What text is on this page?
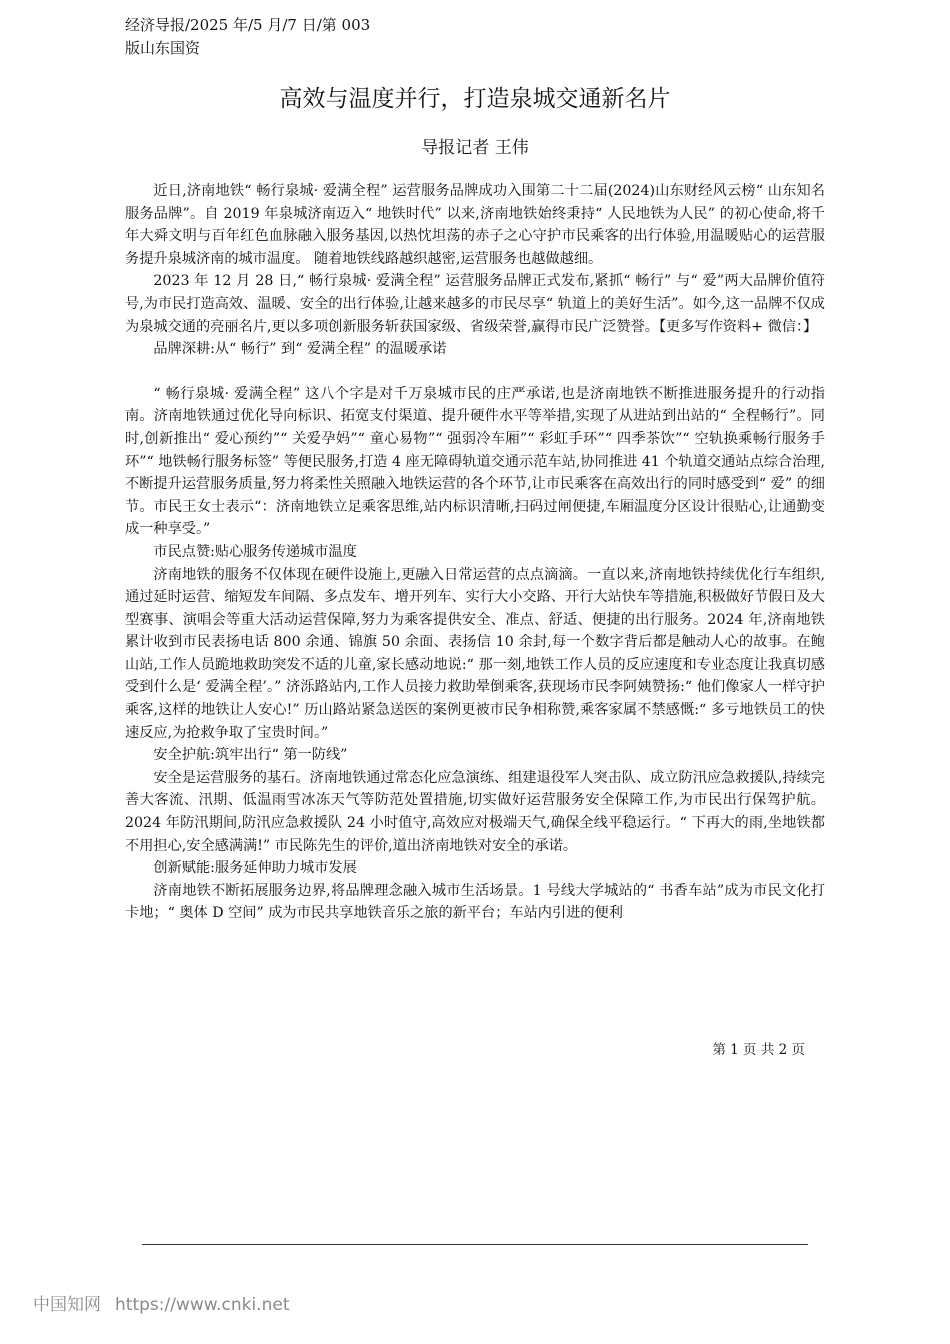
经济导报/2025 年/5 月/7 日/第 003
版山东国资
高效与温度并行，打造泉城交通新名片
导报记者 王伟

近日,济南地铁“ 畅行泉城· 爱满全程” 运营服务品牌成功入围第二十二届(2024)山东财经风云榜“ 山东知名服务品牌”。自 2019 年泉城济南迈入“ 地铁时代” 以来,济南地铁始终秉持“ 人民地铁为人民” 的初心使命,将千年大舜文明与百年红色血脉融入服务基因,以热忱坦荡的赤子之心守护市民乘客的出行体验,用温暖贴心的运营服务提升泉城济南的城市温度。 随着地铁线路越织越密,运营服务也越做越细。

2023 年 12 月 28 日,“ 畅行泉城· 爱满全程” 运营服务品牌正式发布,紧抓“ 畅行” 与“ 爱”两大品牌价值符号,为市民打造高效、温暖、安全的出行体验,让越来越多的市民尽享“ 轨道上的美好生活”。如今,这一品牌不仅成为泉城交通的亮丽名片,更以多项创新服务斩获国家级、省级荣誉,赢得市民广泛赞誉。【更多写作资料+ 微信：】

品牌深耕:从“ 畅行” 到“ 爱满全程” 的温暖承诺

“ 畅行泉城· 爱满全程” 这八个字是对千万泉城市民的庄严承诺,也是济南地铁不断推进服务提升的行动指南。济南地铁通过优化导向标识、拓宽支付渠道、提升硬件水平等举措,实现了从进站到出站的“ 全程畅行”。同时,创新推出“ 爱心预约”“ 关爱孕妈”“ 童心易物”“ 强弱冷车厢”“ 彩虹手环”“ 四季茶饮”“ 空轨换乘畅行服务手环”“ 地铁畅行服务标签” 等便民服务,打造 4 座无障碍轨道交通示范车站,协同推进 41 个轨道交通站点综合治理,不断提升运营服务质量,努力将柔性关照融入地铁运营的各个环节,让市民乘客在高效出行的同时感受到“ 爱” 的细节。市民王女士表示“：济南地铁立足乘客思维,站内标识清晰,扫码过闸便捷,车厢温度分区设计很贴心,让通勤变成一种享受。”

市民点赞:贴心服务传递城市温度

济南地铁的服务不仅体现在硬件设施上,更融入日常运营的点点滴滴。一直以来,济南地铁持续优化行车组织,通过延时运营、缩短发车间隔、多点发车、增开列车、实行大小交路、开行大站快车等措施,积极做好节假日及大型赛事、演唱会等重大活动运营保障,努力为乘客提供安全、准点、舒适、便捷的出行服务。2024 年,济南地铁累计收到市民表扬电话 800 余通、锦旗 50 余面、表扬信 10 余封,每一个数字背后都是触动人心的故事。在鲍山站,工作人员跪地救助突发不适的儿童,家长感动地说:“ 那一刻,地铁工作人员的反应速度和专业态度让我真切感受到什么是‘ 爱满全程’。” 济泺路站内,工作人员接力救助晕倒乘客,获现场市民李阿姨赞扬:“ 他们像家人一样守护乘客,这样的地铁让人安心!” 历山路站紧急送医的案例更被市民争相称赞,乘客家属不禁感慨:“ 多亏地铁员工的快速反应,为抢救争取了宝贵时间。”

安全护航:筑牢出行“ 第一防线”

安全是运营服务的基石。济南地铁通过常态化应急演练、组建退役军人突击队、成立防汛应急救援队,持续完善大客流、汛期、低温雨雪冰冻天气等防范处置措施,切实做好运营服务安全保障工作,为市民出行保驾护航。2024 年防汛期间,防汛应急救援队 24 小时值守,高效应对极端天气,确保全线平稳运行。“ 下再大的雨,坐地铁都不用担心,安全感满满!” 市民陈先生的评价,道出济南地铁对安全的承诺。

创新赋能:服务延伸助力城市发展

济南地铁不断拓展服务边界,将品牌理念融入城市生活场景。1 号线大学城站的“ 书香车站”成为市民文化打卡地；“ 奥体 D 空间” 成为市民共享地铁音乐之旅的新平台；车站内引进的便利

第 1 页 共 2 页
中国知网 https://www.cnki.net
